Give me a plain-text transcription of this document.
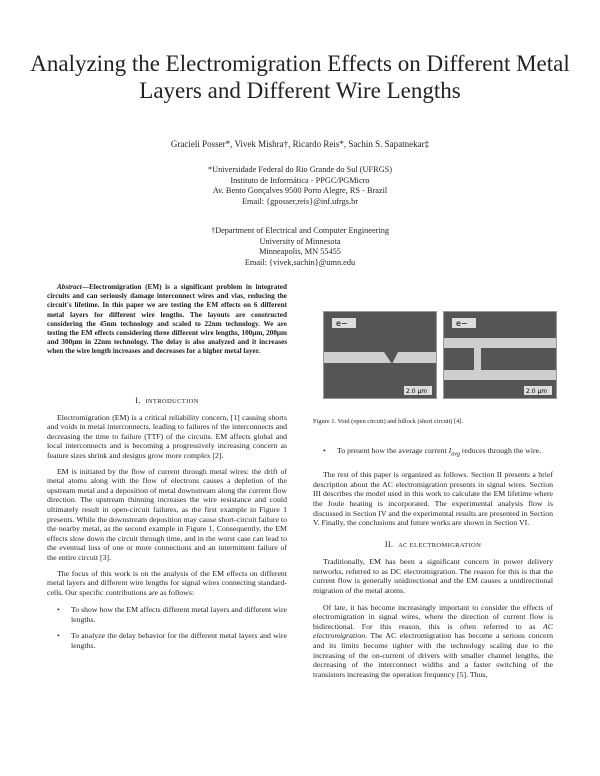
Analyzing the Electromigration Effects on Different Metal Layers and Different Wire Lengths
Gracieli Posser*, Vivek Mishra†, Ricardo Reis*, Sachin S. Sapatnekar‡
*Universidade Federal do Rio Grande do Sul (UFRGS)
Instituto de Informática - PPGC/PGMicro
Av. Bento Gonçalves 9500 Porto Alegre, RS - Brazil
Email: {gposser,reis}@inf.ufrgs.br
†Department of Electrical and Computer Engineering
University of Minnesota
Minneapolis, MN 55455
Email: {vivek,sachin}@umn.edu

Abstract—Electromigration (EM) is a significant problem in integrated circuits and can seriously damage interconnect wires and vias, reducing the circuit's lifetime. In this paper we are testing the EM effects on 6 different metal layers for different wire lengths. The layouts are constructed considering the 45nm technology and scaled to 22nm technology. We are testing the EM effects considering three different wire lengths, 100μm, 200μm and 300μm in 22nm technology. The delay is also analyzed and it increases when the wire length increases and decreases for a higher metal layer.

I. INTRODUCTION

Electromigration (EM) is a critical reliability concern, [1] causing shorts and voids in metal interconnects, leading to failures of the interconnects and decreasing the time to failure (TTF) of the circuits. EM affects global and local interconnects and is becoming a progressively increasing concern as feature sizes shrink and designs grow more complex [2].

EM is initiated by the flow of current through metal wires: the drift of metal atoms along with the flow of electrons causes a depletion of the upstream metal and a deposition of metal downstream along the current flow direction. The upstream thinning increases the wire resistance and could ultimately result in open-circuit failures, as the first example in Figure 1 presents. While the downstream deposition may cause short-circuit failure to the nearby metal, as the second example in Figure 1. Consequently, the EM effects slow down the circuit through time, and in the worst case can lead to the eventual loss of one or more connections and an intermittent failure of the entire circuit [3].

The focus of this work is on the analysis of the EM effects on different metal layers and different wire lengths for signal wires connecting standard-cells. Our specific contributions are as follows:

• To show how the EM affects different metal layers and different wire lengths.
• To analyze the delay behavior for the different metal layers and wire lengths.
e−
2.0 μm
e−
2.0 μm
Figure 1. Void (open circuit) and hillock (short circuit) [4].
• To present how the average current $I_{avg}$ reduces through the wire.

The rest of this paper is organized as follows. Section II presents a brief description about the AC electromigration presents in signal wires. Section III describes the model used in this work to calculate the EM lifetime where the Joule heating is incorporated. The experimental analysis flow is discussed in Section IV and the experimental results are presented in Section V. Finally, the conclusions and future works are shown in Section VI.

II. AC ELECTROMIGRATION

Traditionally, EM has been a significant concern in power delivery networks, referred to as DC electromigration. The reason for this is that the current flow is generally unidirectional and the EM causes a unidirectional migration of the metal atoms.

Of late, it has become increasingly important to consider the effects of electromigration in signal wires, where the direction of current flow is bidirectional. For this reason, this is often referred to as AC electromigration. The AC electromigration has become a serious concern and its limits become tighter with the technology scaling due to the increasing of the on-current of drivers with smaller channel lengths, the decreasing of the interconnect widths and a faster switching of the transistors increasing the operation frequency [5]. Thus,
